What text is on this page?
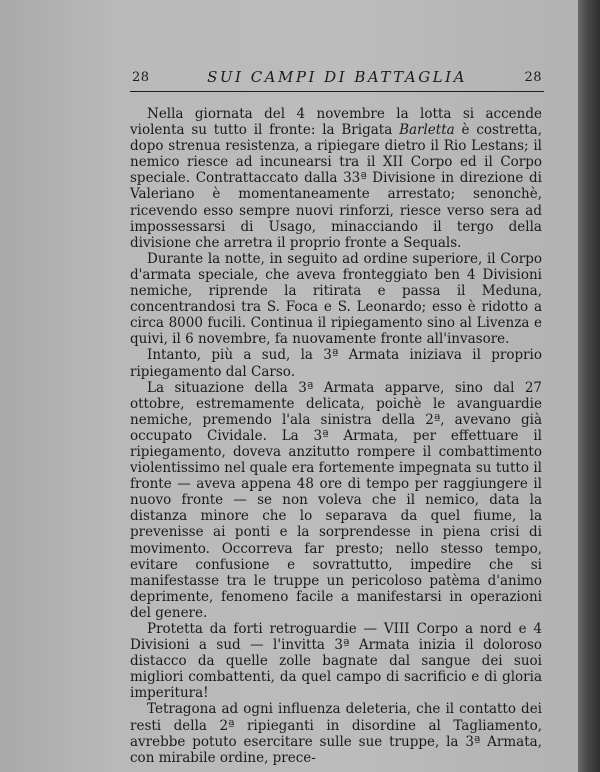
28	SUI CAMPI DI BATTAGLIA	28

Nella giornata del 4 novembre la lotta si accende violenta su tutto il fronte: la Brigata Barletta è costretta, dopo strenua resistenza, a ripiegare dietro il Rio Lestans; il nemico riesce ad incunearsi tra il XII Corpo ed il Corpo speciale. Contrattaccato dalla 33ª Divisione in direzione di Valeriano è momentaneamente arrestato; senonchè, ricevendo esso sempre nuovi rinforzi, riesce verso sera ad impossessarsi di Usago, minacciando il tergo della divisione che arretra il proprio fronte a Sequals.

Durante la notte, in seguito ad ordine superiore, il Corpo d'armata speciale, che aveva fronteggiato ben 4 Divisioni nemiche, riprende la ritirata e passa il Meduna, concentrandosi tra S. Foca e S. Leonardo; esso è ridotto a circa 8000 fucili. Continua il ripiegamento sino al Livenza e quivi, il 6 novembre, fa nuovamente fronte all'invasore.

Intanto, più a sud, la 3ª Armata iniziava il proprio ripiegamento dal Carso.

La situazione della 3ª Armata apparve, sino dal 27 ottobre, estremamente delicata, poichè le avanguardie nemiche, premendo l'ala sinistra della 2ª, avevano già occupato Cividale. La 3ª Armata, per effettuare il ripiegamento, doveva anzitutto rompere il combattimento violentissimo nel quale era fortemente impegnata su tutto il fronte — aveva appena 48 ore di tempo per raggiungere il nuovo fronte — se non voleva che il nemico, data la distanza minore che lo separava da quel fiume, la prevenisse ai ponti e la sorprendesse in piena crisi di movimento. Occorreva far presto; nello stesso tempo, evitare confusione e sovrattutto, impedire che si manifestasse tra le truppe un pericoloso patèma d'animo deprimente, fenomeno facile a manifestarsi in operazioni del genere.

Protetta da forti retroguardie — VIII Corpo a nord e 4 Divisioni a sud — l'invitta 3ª Armata inizia il doloroso distacco da quelle zolle bagnate dal sangue dei suoi migliori combattenti, da quel campo di sacrificio e di gloria imperitura!

Tetragona ad ogni influenza deleteria, che il contatto dei resti della 2ª ripieganti in disordine al Tagliamento, avrebbe potuto esercitare sulle sue truppe, la 3ª Armata, con mirabile ordine, prece-
